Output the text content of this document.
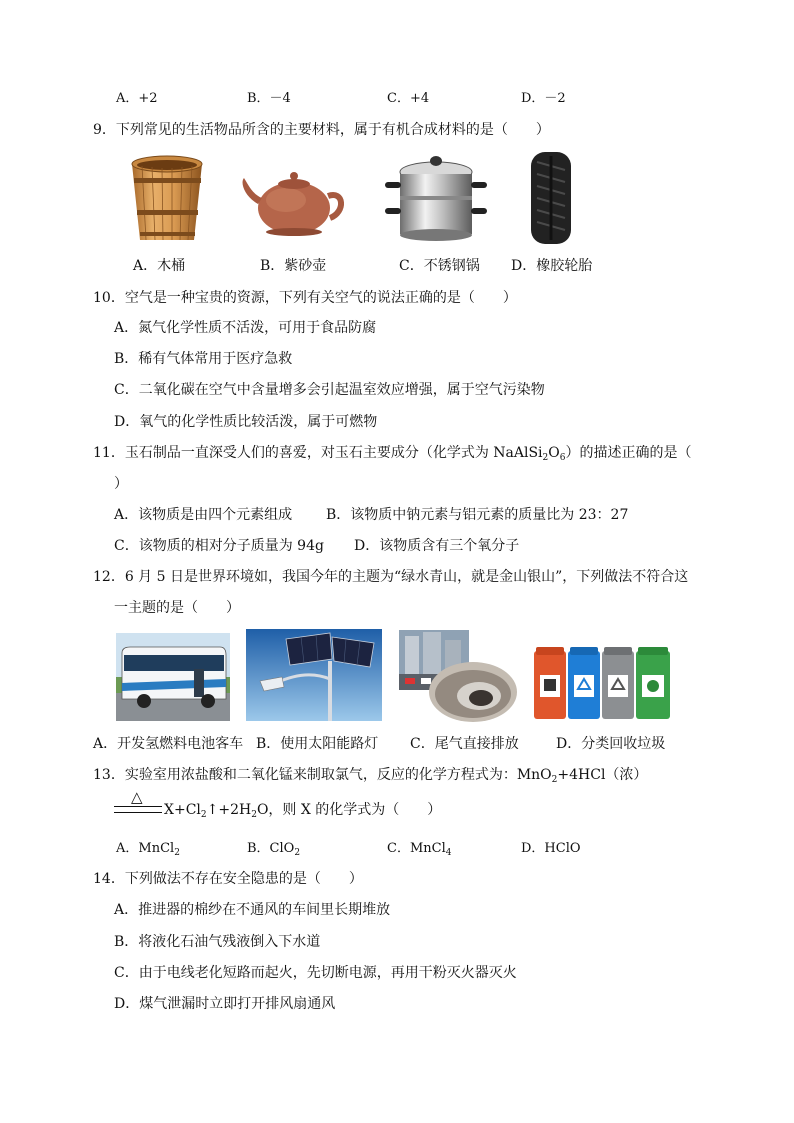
A．+2	B．－4	C．+4	D．－2
9．下列常见的生活物品所含的主要材料，属于有机合成材料的是（　　）
A．木桶	B．紫砂壶	C．不锈钢锅 D．橡胶轮胎
10．空气是一种宝贵的资源，下列有关空气的说法正确的是（　　）
A．氮气化学性质不活泼，可用于食品防腐
B．稀有气体常用于医疗急救
C．二氧化碳在空气中含量增多会引起温室效应增强，属于空气污染物
D．氧气的化学性质比较活泼，属于可燃物
11．玉石制品一直深受人们的喜爱，对玉石主要成分（化学式为 $NaAlSi_2O_6$）的描述正确的是（
）
A．该物质是由四个元素组成 B．该物质中钠元素与铝元素的质量比为 23：27
C．该物质的相对分子质量为 94g D．该物质含有三个氧分子
12．6 月 5 日是世界环境如，我国今年的主题为“绿水青山，就是金山银山”，下列做法不符合这
一主题的是（　　）
A．开发氢燃料电池客车 B．使用太阳能路灯 C．尾气直接排放	D．分类回收垃圾
13．实验室用浓盐酸和二氧化锰来制取氯气，反应的化学方程式为：MnO$_2$+4HCl（浓）
△
$X+Cl_2↑+2H_2O$，则 X 的化学式为（　　）
A．MnCl$_2$	B．ClO$_2$	C．MnCl$_4$	D．HClO
14．下列做法不存在安全隐患的是（　　）
A．推进器的棉纱在不通风的车间里长期堆放
B．将液化石油气残液倒入下水道
C．由于电线老化短路而起火，先切断电源，再用干粉灭火器灭火
D．煤气泄漏时立即打开排风扇通风
